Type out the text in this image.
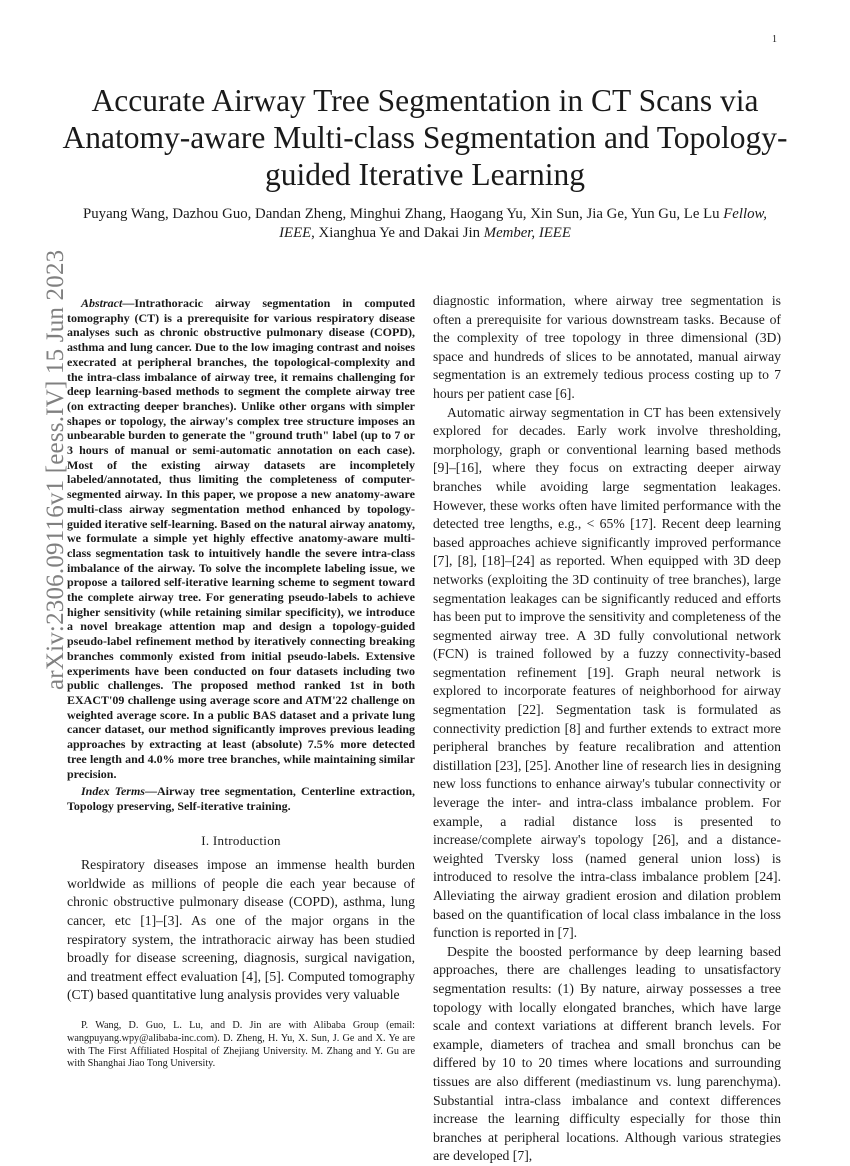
1
arXiv:2306.09116v1 [eess.IV] 15 Jun 2023
Accurate Airway Tree Segmentation in CT Scans via Anatomy-aware Multi-class Segmentation and Topology-guided Iterative Learning

Puyang Wang, Dazhou Guo, Dandan Zheng, Minghui Zhang, Haogang Yu, Xin Sun, Jia Ge, Yun Gu, Le Lu Fellow, IEEE, Xianghua Ye and Dakai Jin Member, IEEE

Abstract—Intrathoracic airway segmentation in computed tomography (CT) is a prerequisite for various respiratory disease analyses such as chronic obstructive pulmonary disease (COPD), asthma and lung cancer. Due to the low imaging contrast and noises execrated at peripheral branches, the topological-complexity and the intra-class imbalance of airway tree, it remains challenging for deep learning-based methods to segment the complete airway tree (on extracting deeper branches). Unlike other organs with simpler shapes or topology, the airway's complex tree structure imposes an unbearable burden to generate the "ground truth" label (up to 7 or 3 hours of manual or semi-automatic annotation on each case). Most of the existing airway datasets are incompletely labeled/annotated, thus limiting the completeness of computer-segmented airway. In this paper, we propose a new anatomy-aware multi-class airway segmentation method enhanced by topology-guided iterative self-learning. Based on the natural airway anatomy, we formulate a simple yet highly effective anatomy-aware multi-class segmentation task to intuitively handle the severe intra-class imbalance of the airway. To solve the incomplete labeling issue, we propose a tailored self-iterative learning scheme to segment toward the complete airway tree. For generating pseudo-labels to achieve higher sensitivity (while retaining similar specificity), we introduce a novel breakage attention map and design a topology-guided pseudo-label refinement method by iteratively connecting breaking branches commonly existed from initial pseudo-labels. Extensive experiments have been conducted on four datasets including two public challenges. The proposed method ranked 1st in both EXACT'09 challenge using average score and ATM'22 challenge on weighted average score. In a public BAS dataset and a private lung cancer dataset, our method significantly improves previous leading approaches by extracting at least (absolute) 7.5% more detected tree length and 4.0% more tree branches, while maintaining similar precision.

Index Terms—Airway tree segmentation, Centerline extraction, Topology preserving, Self-iterative training.

I. Introduction

Respiratory diseases impose an immense health burden worldwide as millions of people die each year because of chronic obstructive pulmonary disease (COPD), asthma, lung cancer, etc [1]–[3]. As one of the major organs in the respiratory system, the intrathoracic airway has been studied broadly for disease screening, diagnosis, surgical navigation, and treatment effect evaluation [4], [5]. Computed tomography (CT) based quantitative lung analysis provides very valuable

P. Wang, D. Guo, L. Lu, and D. Jin are with Alibaba Group (email: wangpuyang.wpy@alibaba-inc.com). D. Zheng, H. Yu, X. Sun, J. Ge and X. Ye are with The First Affiliated Hospital of Zhejiang University. M. Zhang and Y. Gu are with Shanghai Jiao Tong University.

diagnostic information, where airway tree segmentation is often a prerequisite for various downstream tasks. Because of the complexity of tree topology in three dimensional (3D) space and hundreds of slices to be annotated, manual airway segmentation is an extremely tedious process costing up to 7 hours per patient case [6].

Automatic airway segmentation in CT has been extensively explored for decades. Early work involve thresholding, morphology, graph or conventional learning based methods [9]–[16], where they focus on extracting deeper airway branches while avoiding large segmentation leakages. However, these works often have limited performance with the detected tree lengths, e.g., < 65% [17]. Recent deep learning based approaches achieve significantly improved performance [7], [8], [18]–[24] as reported. When equipped with 3D deep networks (exploiting the 3D continuity of tree branches), large segmentation leakages can be significantly reduced and efforts has been put to improve the sensitivity and completeness of the segmented airway tree. A 3D fully convolutional network (FCN) is trained followed by a fuzzy connectivity-based segmentation refinement [19]. Graph neural network is explored to incorporate features of neighborhood for airway segmentation [22]. Segmentation task is formulated as connectivity prediction [8] and further extends to extract more peripheral branches by feature recalibration and attention distillation [23], [25]. Another line of research lies in designing new loss functions to enhance airway's tubular connectivity or leverage the inter- and intra-class imbalance problem. For example, a radial distance loss is presented to increase/complete airway's topology [26], and a distance-weighted Tversky loss (named general union loss) is introduced to resolve the intra-class imbalance problem [24]. Alleviating the airway gradient erosion and dilation problem based on the quantification of local class imbalance in the loss function is reported in [7].

Despite the boosted performance by deep learning based approaches, there are challenges leading to unsatisfactory segmentation results: (1) By nature, airway possesses a tree topology with locally elongated branches, which have large scale and context variations at different branch levels. For example, diameters of trachea and small bronchus can be differed by 10 to 20 times where locations and surrounding tissues are also different (mediastinum vs. lung parenchyma). Substantial intra-class imbalance and context differences increase the learning difficulty especially for those thin branches at peripheral locations. Although various strategies are developed [7],
